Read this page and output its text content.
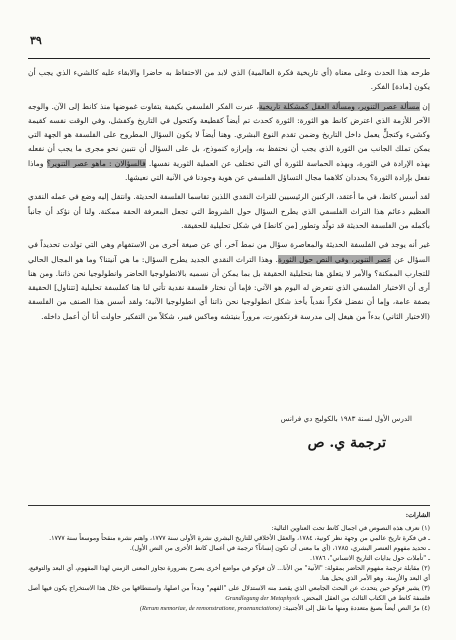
٣٩

طرحه هذا الحدث وعلى معناه (أي تاريخية فكرة العالمية) الذي لابد من الاحتفاظ به حاضرا والابقاء عليه كالشيء الذي يجب أن يكون [مادة] الفكر.

إن مسألة عصر التنوير، ومسألة العقل كمشكلة تاريخية، عبرت الفكر الفلسفي بكيفية يتفاوت غموضها منذ كانط إلى الآن. والوجه الآخر للأزمة الذي اعترض كانط هو الثورة: الثورة كحدث تم أيضاً كقطيعة وكتحول في التاريخ وكفشل، وفي الوقت نفسه كقيمة وكشيء وكتجلٍّ يعمل داخل التاريخ وضمن تقدم النوع البشري. وهنا أيضاً لا يكون السؤال المطروح على الفلسفة هو الجهة التي يمكن تملك الجانب من الثورة الذي يجب أن نحتفظ به، وإبرازه كنموذج، بل على السؤال أن نتبين نحو مجرى ما يجب أن نفعله بهذه الإرادة في الثورة، وبهذه الحماسة للثورة أي التي تختلف عن العملية الثورية نفسها. فالسؤالان : ماهو عصر التنوير؟ وماذا نفعل بإرادة الثورة؟ يحددان كلاهما مجال التساؤل الفلسفي عن هوية وجودنا في الآنية التي نعيشها.

لقد أسس كانط، في ما أعتقد، الركنين الرئيسيين للتراث النقدي اللذين تقاسما الفلسفة الحديثة. وانتقل إليه وضع في عمله النقدي العظيم دعائم هذا التراث الفلسفي الذي يطرح السؤال حول الشروط التي تجعل المعرفة الحقة ممكنة. ولنا أن نؤكد أن جانباً بأكمله من الفلسفة الحديثة قد تولّد وتطور [من كانط] في شكل تحليلية للحقيقة.

غير أنه يوجد في الفلسفة الحديثة والمعاصرة سؤال من نمط آخر، أي عن صيغة أخرى من الاستفهام وهي التي تولدت تحديداً في السؤال عن عصر التنوير، وفي النص حول الثورة. وهذا التراث النقدي الجديد يطرح السؤال: ما هي آنيتنا؟ وما هو المجال الحالي للتجارب الممكنة؟ والأمر لا يتعلق هنا بتحليلية الحقيقة بل بما يمكن أن نسميه بالانطولوجيا الحاضر وانطولوجيا نحن ذاتنا. ومن هنا أرى أن الاختيار الفلسفي الذي نتعرض له اليوم هو الآتي: فإما أن نختار فلسفة نقدية تأتي لنا هنا كفلسفة تحليلية [تتناول] الحقيقة بصفة عامة، وإما أن نفضل فكراً نقدياً يأخذ شكل انطولوجيا نحن ذاتنا أي انطولوجيا الآنية؛ ولقد أسس هذا الصنف من الفلسفة (الاختيار الثاني) بدءاً من هيغل إلى مدرسة فرنكفورت، مروراً بنيتشه وماكس فيبر، شكلاً من التفكير حاولت أنا أن أعمل داخله.

الدرس الأول لسنة ١٩٨٣ بالكوليج دي فرانس
ترجمة ي. ص
الشارات:

(١) نعرف هذه النصوص في اجمال كانط تحت العناوين التالية:

ـ في فكرة تاريخ عالمي من وجهة نظر كونية، ١٧٨٤، والعقل الأخلاقي للتاريخ البشري نشرة الأولى سنة ١٧٧٧، واهتم نشره منقحاً وموسعاً سنة ١٧٧٧.

ـ تحديد مفهوم العنصر البشري، ١٧٨٥، (أي ما معنى أن تكون إنساناً؟ ترجمة في أعمال كانط الأخرى من النص الأول).

ـ "تأملات حول بدايات التاريخ الانساني"، ١٧٨٦.

(٢) مقابلة ترجمة مفهوم الحاضر بمقولة: "الآنية" من الأنا... لأن فوكو في مواضع أخرى يصرح بضرورة تجاوز المعنى الزمني لهذا المفهوم، أي البعد والتوقيع، أي البعد والأزمنة. وهو الأمر الذي يحيل هنا.

(٣) يشير فوكو حين يتحدث عن البحث الجامعي الذي يقصد منه الاستدلال على "الفهم" وبدءاً من اصلها، واستنطاقها من خلال هذا الاستخراج يكون فيها أصل فلسفة كانط في الكتاب الثالث من العقل المحض. Grundlegung der Metaphysik

(٤) مرّ النص أيضاً بصيغ متعددة ومنها ما نقل إلى الأجنبية: (Rerum memoriae, de remonstratione, praenunciatione)
